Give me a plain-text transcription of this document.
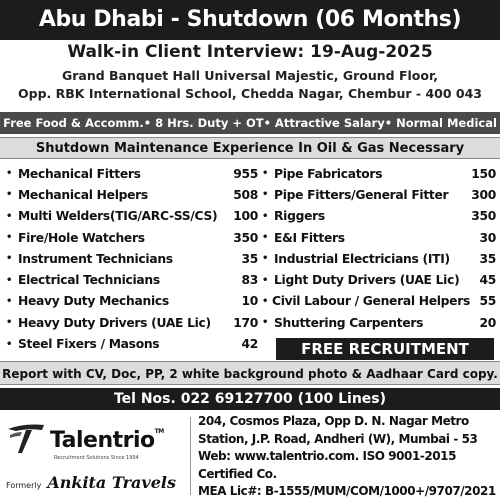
Abu Dhabi - Shutdown (06 Months)
Walk-in Client Interview: 19-Aug-2025
Grand Banquet Hall Universal Majestic, Ground Floor,
Opp. RBK International School, Chedda Nagar, Chembur - 400 043
Free Food & Accomm.• 8 Hrs. Duty + OT• Attractive Salary• Normal Medical
Shutdown Maintenance Experience In Oil & Gas Necessary
• Mechanical Fitters	955
• Mechanical Helpers	508
• Multi Welders(TIG/ARC-SS/CS)	100
• Fire/Hole Watchers	350
• Instrument Technicians	35
• Electrical Technicians	83
• Heavy Duty Mechanics	10
• Heavy Duty Drivers (UAE Lic)	170
• Steel Fixers / Masons	42
• Pipe Fabricators	150
• Pipe Fitters/General Fitter	300
• Riggers	350
• E&I Fitters	30
• Industrial Electricians (ITI)	35
• Light Duty Drivers (UAE Lic)	45
• Civil Labour / General Helpers 55
• Shuttering Carpenters	20
FREE RECRUITMENT
Report with CV, Doc, PP, 2 white background photo & Aadhaar Card copy.
Tel Nos. 022 69127700 (100 Lines)
Talentrio™
Recruitment Solutions Since 1994
Formerly Ankita Travels
204, Cosmos Plaza, Opp D. N. Nagar Metro
Station, J.P. Road, Andheri (W), Mumbai - 53
Web: www.talentrio.com. ISO 9001-2015 Certified Co.
MEA Lic#: B-1555/MUM/COM/1000+/9707/2021
